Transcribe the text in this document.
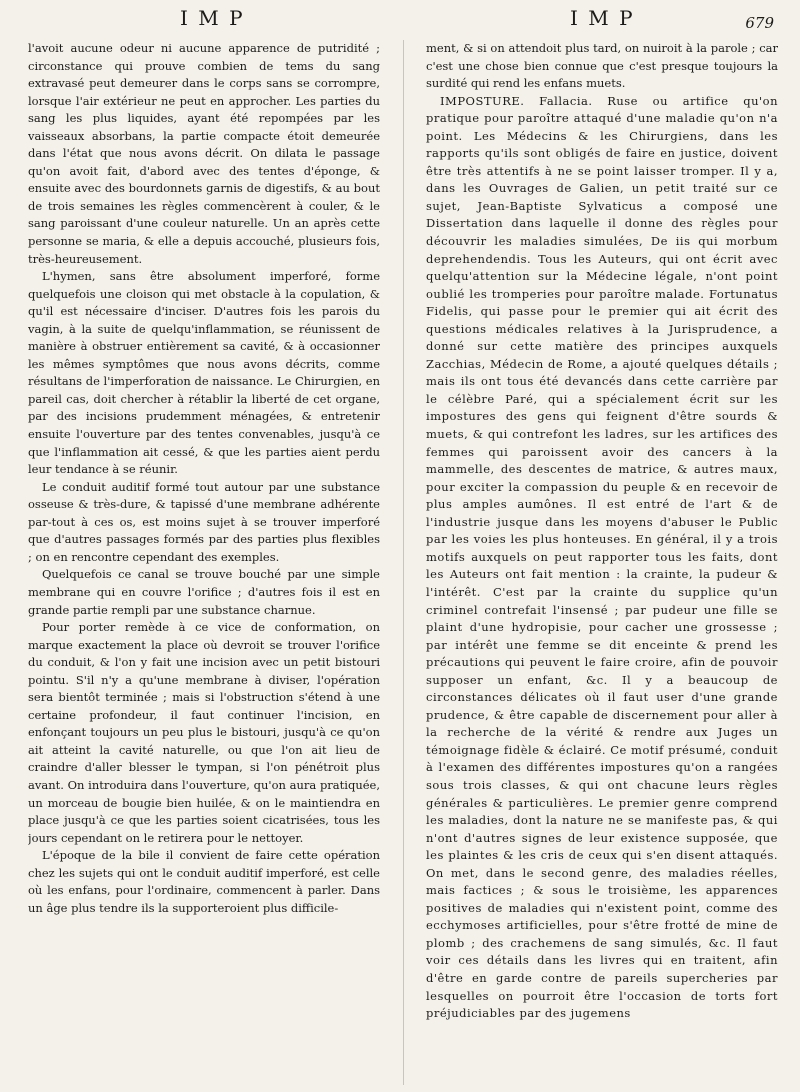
I M P	I M P	679

l'avoit aucune odeur ni aucune apparence de putridité ; circonstance qui prouve combien de tems du sang extravasé peut demeurer dans le corps sans se corrompre, lorsque l'air extérieur ne peut en approcher. Les parties du sang les plus liquides, ayant été repompées par les vaisseaux absorbans, la partie compacte étoit demeurée dans l'état que nous avons décrit. On dilata le passage qu'on avoit fait, d'abord avec des tentes d'éponge, & ensuite avec des bourdonnets garnis de digestifs, & au bout de trois semaines les règles commencèrent à couler, & le sang paroissant d'une couleur naturelle. Un an après cette personne se maria, & elle a depuis accouché, plusieurs fois, très-heureusement.

L'hymen, sans être absolument imperforé, forme quelquefois une cloison qui met obstacle à la copulation, & qu'il est nécessaire d'inciser. D'autres fois les parois du vagin, à la suite de quelqu'inflammation, se réunissent de manière à obstruer entièrement sa cavité, & à occasionner les mêmes symptômes que nous avons décrits, comme résultans de l'imperforation de naissance. Le Chirurgien, en pareil cas, doit chercher à rétablir la liberté de cet organe, par des incisions prudemment ménagées, & entretenir ensuite l'ouverture par des tentes convenables, jusqu'à ce que l'inflammation ait cessé, & que les parties aient perdu leur tendance à se réunir.

Le conduit auditif formé tout autour par une substance osseuse & très-dure, & tapissé d'une membrane adhérente par-tout à ces os, est moins sujet à se trouver imperforé que d'autres passages formés par des parties plus flexibles ; on en rencontre cependant des exemples.

Quelquefois ce canal se trouve bouché par une simple membrane qui en couvre l'orifice ; d'autres fois il est en grande partie rempli par une substance charnue.

Pour porter remède à ce vice de conformation, on marque exactement la place où devroit se trouver l'orifice du conduit, & l'on y fait une incision avec un petit bistouri pointu. S'il n'y a qu'une membrane à diviser, l'opération sera bientôt terminée ; mais si l'obstruction s'étend à une certaine profondeur, il faut continuer l'incision, en enfonçant toujours un peu plus le bistouri, jusqu'à ce qu'on ait atteint la cavité naturelle, ou que l'on ait lieu de craindre d'aller blesser le tympan, si l'on pénétroit plus avant. On introduira dans l'ouverture, qu'on aura pratiquée, un morceau de bougie bien huilée, & on le maintiendra en place jusqu'à ce que les parties soient cicatrisées, tous les jours cependant on le retirera pour le nettoyer.

L'époque de la bile il convient de faire cette opération chez les sujets qui ont le conduit auditif imperforé, est celle où les enfans, pour l'ordinaire, commencent à parler. Dans un âge plus tendre ils la supporteroient plus difficile-

ment, & si on attendoit plus tard, on nuiroit à la parole ; car c'est une chose bien connue que c'est presque toujours la surdité qui rend les enfans muets.

IMPOSTURE. Fallacia. Ruse ou artifice qu'on pratique pour paroître attaqué d'une maladie qu'on n'a point. Les Médecins & les Chirurgiens, dans les rapports qu'ils sont obligés de faire en justice, doivent être très attentifs à ne se point laisser tromper. Il y a, dans les Ouvrages de Galien, un petit traité sur ce sujet, Jean-Baptiste Sylvaticus a composé une Dissertation dans laquelle il donne des règles pour découvrir les maladies simulées, De iis qui morbum deprehendendis. Tous les Auteurs, qui ont écrit avec quelqu'attention sur la Médecine légale, n'ont point oublié les tromperies pour paroître malade. Fortunatus Fidelis, qui passe pour le premier qui ait écrit des questions médicales relatives à la Jurisprudence, a donné sur cette matière des principes auxquels Zacchias, Médecin de Rome, a ajouté quelques détails ; mais ils ont tous été devancés dans cette carrière par le célèbre Paré, qui a spécialement écrit sur les impostures des gens qui feignent d'être sourds & muets, & qui contrefont les ladres, sur les artifices des femmes qui paroissent avoir des cancers à la mammelle, des descentes de matrice, & autres maux, pour exciter la compassion du peuple & en recevoir de plus amples aumônes. Il est entré de l'art & de l'industrie jusque dans les moyens d'abuser le Public par les voies les plus honteuses. En général, il y a trois motifs auxquels on peut rapporter tous les faits, dont les Auteurs ont fait mention : la crainte, la pudeur & l'intérêt. C'est par la crainte du supplice qu'un criminel contrefait l'insensé ; par pudeur une fille se plaint d'une hydropisie, pour cacher une grossesse ; par intérêt une femme se dit enceinte & prend les précautions qui peuvent le faire croire, afin de pouvoir supposer un enfant, &c. Il y a beaucoup de circonstances délicates où il faut user d'une grande prudence, & être capable de discernement pour aller à la recherche de la vérité & rendre aux Juges un témoignage fidèle & éclairé. Ce motif présumé, conduit à l'examen des différentes impostures qu'on a rangées sous trois classes, & qui ont chacune leurs règles générales & particulières. Le premier genre comprend les maladies, dont la nature ne se manifeste pas, & qui n'ont d'autres signes de leur existence supposée, que les plaintes & les cris de ceux qui s'en disent attaqués. On met, dans le second genre, des maladies réelles, mais factices ; & sous le troisième, les apparences positives de maladies qui n'existent point, comme des ecchymoses artificielles, pour s'être frotté de mine de plomb ; des crachemens de sang simulés, &c. Il faut voir ces détails dans les livres qui en traitent, afin d'être en garde contre de pareils supercheries par lesquelles on pourroit être l'occasion de torts fort préjudiciables par des jugemens
